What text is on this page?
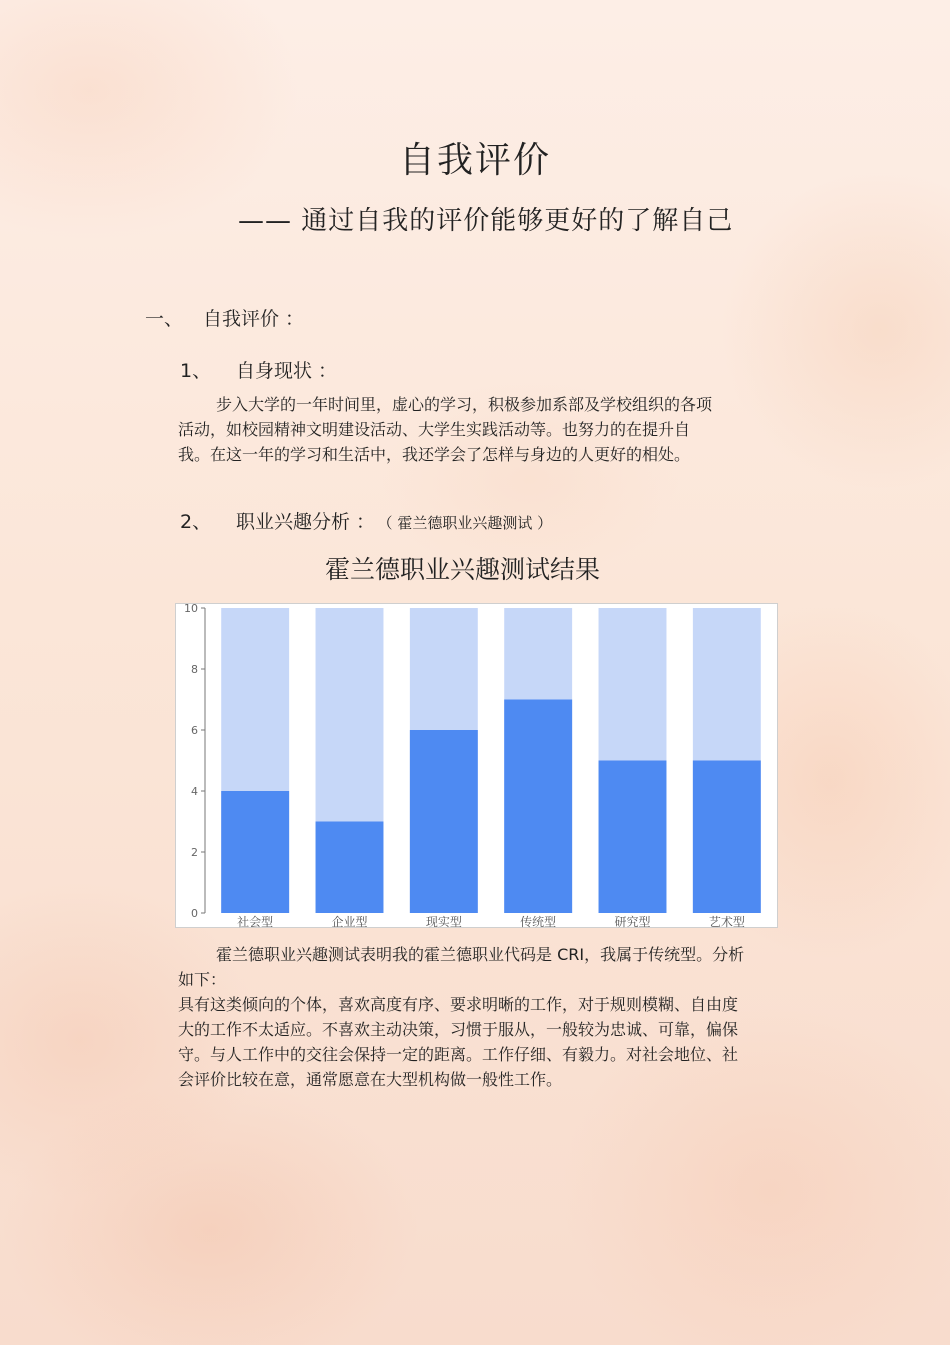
自我评价
—— 通过自我的评价能够更好的了解自己
一、 自我评价 ：
1、 自身现状 ：

步入大学的一年时间里，虚心的学习，积极参加系部及学校组织的各项活动，如校园精神文明建设活动、大学生实践活动等。也努力的在提升自我。在这一年的学习和生活中，我还学会了怎样与身边的人更好的相处。

2、 职业兴趣分析 ： （ 霍兰德职业兴趣测试 ）
霍兰德职业兴趣测试结果
0
2
4
6
8
10
社会型	企业型	现实型	传统型	研究型	艺术型

霍兰德职业兴趣测试表明我的霍兰德职业代码是 CRI，我属于传统型。分析如下：

具有这类倾向的个体，喜欢高度有序、要求明晰的工作，对于规则模糊、自由度大的工作不太适应。不喜欢主动决策，习惯于服从，一般较为忠诚、可靠，偏保守。与人工作中的交往会保持一定的距离。工作仔细、有毅力。对社会地位、社会评价比较在意，通常愿意在大型机构做一般性工作。
